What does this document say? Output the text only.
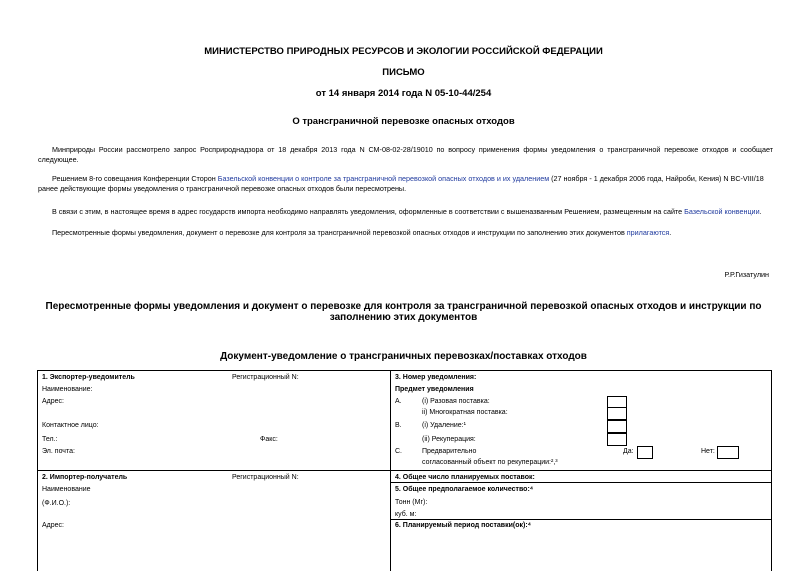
МИНИСТЕРСТВО ПРИРОДНЫХ РЕСУРСОВ И ЭКОЛОГИИ РОССИЙСКОЙ ФЕДЕРАЦИИ
ПИСЬМО
от 14 января 2014 года N 05-10-44/254
О трансграничной перевозке опасных отходов
Минприроды России рассмотрело запрос Росприроднадзора от 18 декабря 2013 года N СМ-08-02-28/19010 по вопросу применения формы уведомления о трансграничной перевозке отходов и сообщает следующее.
Решением 8-го совещания Конференции Сторон Базельской конвенции о контроле за трансграничной перевозкой опасных отходов и их удалением (27 ноября - 1 декабря 2006 года, Найроби, Кения) N BC-VIII/18 ранее действующие формы уведомления о трансграничной перевозке опасных отходов были пересмотрены.
В связи с этим, в настоящее время в адрес государств импорта необходимо направлять уведомления, оформленные в соответствии с вышеназванным Решением, размещенным на сайте Базельской конвенции.
Пересмотренные формы уведомления, документ о перевозке для контроля за трансграничной перевозкой опасных отходов и инструкции по заполнению этих документов прилагаются.
Р.Р.Гизатулин
Пересмотренные формы уведомления и документ о перевозке для контроля за трансграничной перевозкой опасных отходов и инструкции по заполнению этих документов
Документ-уведомление о трансграничных перевозках/поставках отходов
1. Экспортер-уведомитель	Регистрационный N:
Наименование:
Адрес:
Контактное лицо:
Тел.:	Факс:
Эл. почта:
3. Номер уведомления:
Предмет уведомления
А.	(i) Разовая поставка:
ii) Многократная поставка:
В.	(i) Удаление:¹
(ii) Рекуперация:
С.	Предварительно
согласованный объект по рекуперации:²,³
Да:	Нет:
2. Импортер-получатель	Регистрационный N:
Наименование
(Ф.И.О.):
Адрес:
4. Общее число планируемых поставок:
5. Общее предполагаемое количество:⁴
Тонн (Мг):
куб. м:
6. Планируемый период поставки(ок):⁴
